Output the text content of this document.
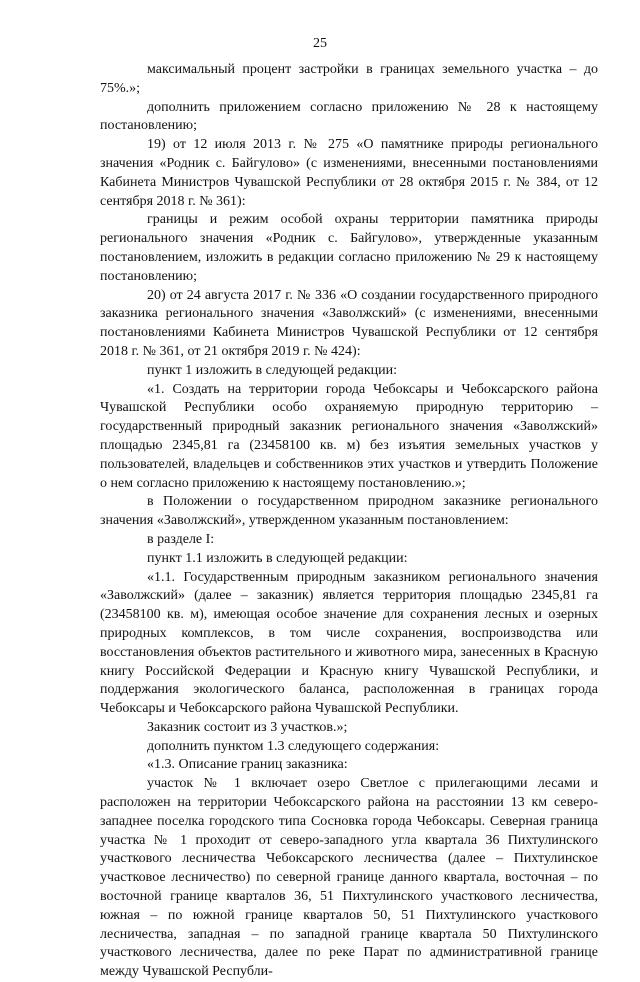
25

максимальный процент застройки в границах земельного участка – до 75%.»;

дополнить приложением согласно приложению № 28 к настоящему постановлению;

19) от 12 июля 2013 г. № 275 «О памятнике природы регионального значения «Родник с. Байгулово» (с изменениями, внесенными постановлениями Кабинета Министров Чувашской Республики от 28 октября 2015 г. № 384, от 12 сентября 2018 г. № 361):

границы и режим особой охраны территории памятника природы регионального значения «Родник с. Байгулово», утвержденные указанным постановлением, изложить в редакции согласно приложению № 29 к настоящему постановлению;

20) от 24 августа 2017 г. № 336 «О создании государственного природного заказника регионального значения «Заволжский» (с изменениями, внесенными постановлениями Кабинета Министров Чувашской Республики от 12 сентября 2018 г. № 361, от 21 октября 2019 г. № 424):

пункт 1 изложить в следующей редакции:

«1. Создать на территории города Чебоксары и Чебоксарского района Чувашской Республики особо охраняемую природную территорию – государственный природный заказник регионального значения «Заволжский» площадью 2345,81 га (23458100 кв. м) без изъятия земельных участков у пользователей, владельцев и собственников этих участков и утвердить Положение о нем согласно приложению к настоящему постановлению.»;

в Положении о государственном природном заказнике регионального значения «Заволжский», утвержденном указанным постановлением:

в разделе I:

пункт 1.1 изложить в следующей редакции:

«1.1. Государственным природным заказником регионального значения «Заволжский» (далее – заказник) является территория площадью 2345,81 га (23458100 кв. м), имеющая особое значение для сохранения лесных и озерных природных комплексов, в том числе сохранения, воспроизводства или восстановления объектов растительного и животного мира, занесенных в Красную книгу Российской Федерации и Красную книгу Чувашской Республики, и поддержания экологического баланса, расположенная в границах города Чебоксары и Чебоксарского района Чувашской Республики.

Заказник состоит из 3 участков.»;

дополнить пунктом 1.3 следующего содержания:

«1.3. Описание границ заказника:

участок № 1 включает озеро Светлое с прилегающими лесами и расположен на территории Чебоксарского района на расстоянии 13 км северо-западнее поселка городского типа Сосновка города Чебоксары. Северная граница участка № 1 проходит от северо-западного угла квартала 36 Пихтулинского участкового лесничества Чебоксарского лесничества (далее – Пихтулинское участковое лесничество) по северной границе данного квартала, восточная – по восточной границе кварталов 36, 51 Пихтулинского участкового лесничества, южная – по южной границе кварталов 50, 51 Пихтулинского участкового лесничества, западная – по западной границе квартала 50 Пихтулинского участкового лесничества, далее по реке Парат по административной границе между Чувашской Республи-
